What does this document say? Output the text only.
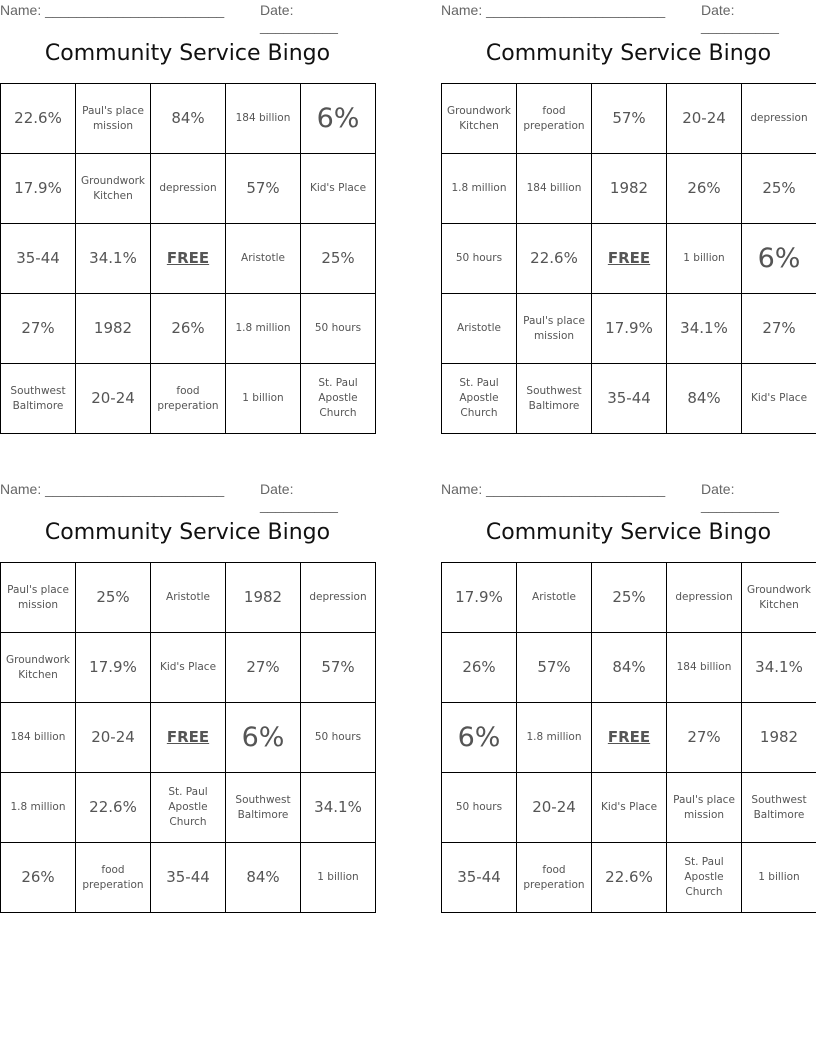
Name: _______________________	Date: __________
Community Service Bingo
22.6%	Paul's place mission	84%	184 billion	6%
17.9%	Groundwork Kitchen	depression	57%	Kid's Place
35-44	34.1%	FREE	Aristotle	25%
27%	1982	26%	1.8 million	50 hours
Southwest Baltimore	20-24	food preperation	1 billion	St. Paul Apostle Church
Name: _______________________	Date: __________
Community Service Bingo
Groundwork Kitchen	food preperation	57%	20-24	depression
1.8 million	184 billion	1982	26%	25%
50 hours	22.6%	FREE	1 billion	6%
Aristotle	Paul's place mission	17.9%	34.1%	27%
St. Paul Apostle Church	Southwest Baltimore	35-44	84%	Kid's Place
Name: _______________________	Date: __________
Community Service Bingo
Paul's place mission	25%	Aristotle	1982	depression
Groundwork Kitchen	17.9%	Kid's Place	27%	57%
184 billion	20-24	FREE	6%	50 hours
1.8 million	22.6%	St. Paul Apostle Church	Southwest Baltimore	34.1%
26%	food preperation	35-44	84%	1 billion
Name: _______________________	Date: __________
Community Service Bingo
17.9%	Aristotle	25%	depression	Groundwork Kitchen
26%	57%	84%	184 billion	34.1%
6%	1.8 million	FREE	27%	1982
50 hours	20-24	Kid's Place	Paul's place mission	Southwest Baltimore
35-44	food preperation	22.6%	St. Paul Apostle Church	1 billion
